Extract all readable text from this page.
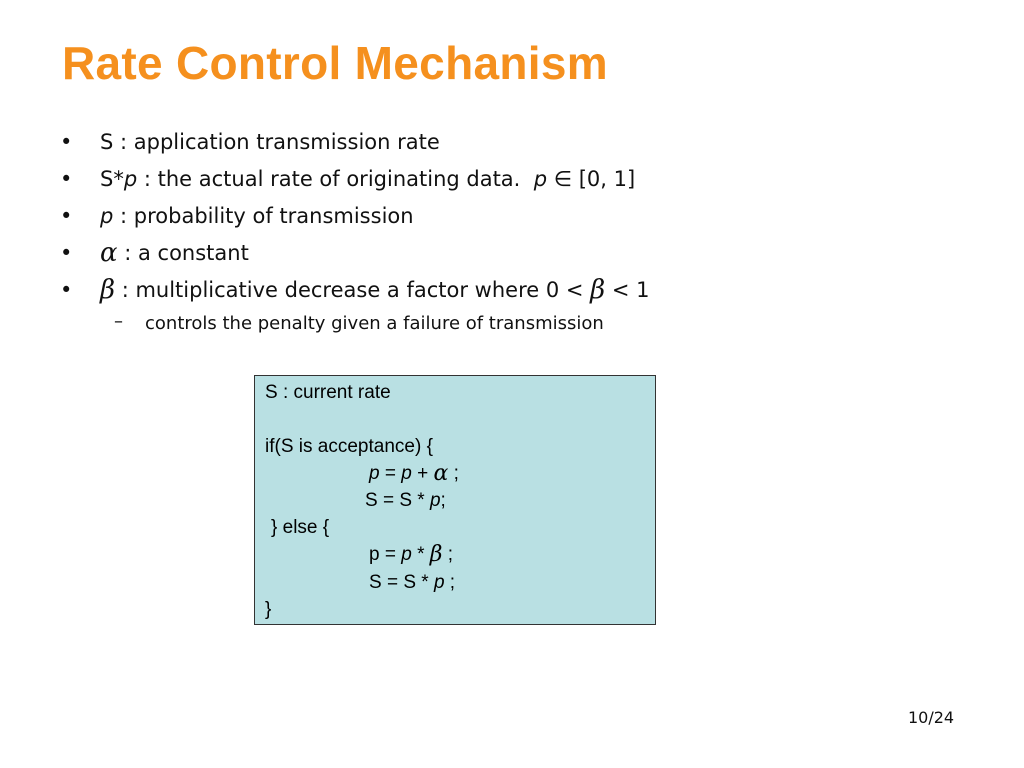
Rate Control Mechanism
•	S : application transmission rate
•	S*p : the actual rate of originating data. p ∈ [0, 1]
•	p : probability of transmission
• α : a constant
• β : multiplicative decrease a factor where 0 < β < 1
– controls the penalty given a failure of transmission
S : current rate
if(S is acceptance) {
p = p + α ;
S = S * p;
} else {
p = p * β ;
S = S * p ;
}
10/24
